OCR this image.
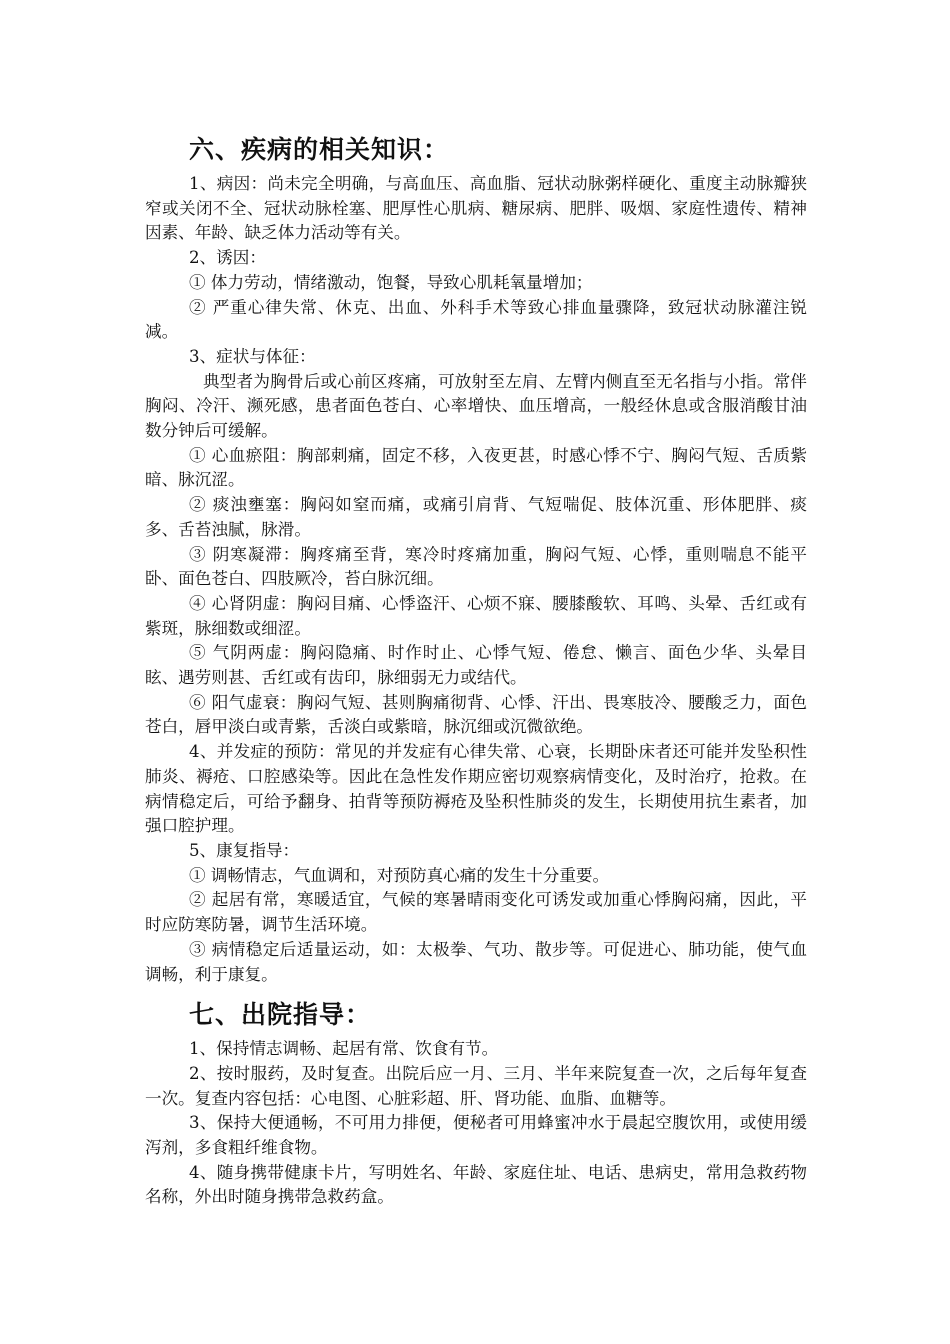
六、疾病的相关知识：

1、病因：尚未完全明确，与高血压、高血脂、冠状动脉粥样硬化、重度主动脉瓣狭窄或关闭不全、冠状动脉栓塞、肥厚性心肌病、糖尿病、肥胖、吸烟、家庭性遗传、精神因素、年龄、缺乏体力活动等有关。

2、诱因：

① 体力劳动，情绪激动，饱餐，导致心肌耗氧量增加；

② 严重心律失常、休克、出血、外科手术等致心排血量骤降，致冠状动脉灌注锐减。

3、症状与体征：

典型者为胸骨后或心前区疼痛，可放射至左肩、左臂内侧直至无名指与小指。常伴胸闷、冷汗、濒死感，患者面色苍白、心率增快、血压增高，一般经休息或含服消酸甘油数分钟后可缓解。

① 心血瘀阻：胸部刺痛，固定不移，入夜更甚，时感心悸不宁、胸闷气短、舌质紫暗、脉沉涩。

② 痰浊壅塞：胸闷如窒而痛，或痛引肩背、气短喘促、肢体沉重、形体肥胖、痰多、舌苔浊腻，脉滑。

③ 阴寒凝滞：胸疼痛至背，寒冷时疼痛加重，胸闷气短、心悸，重则喘息不能平卧、面色苍白、四肢厥冷，苔白脉沉细。

④ 心肾阴虚：胸闷目痛、心悸盗汗、心烦不寐、腰膝酸软、耳鸣、头晕、舌红或有紫斑，脉细数或细涩。

⑤ 气阴两虚：胸闷隐痛、时作时止、心悸气短、倦怠、懒言、面色少华、头晕目眩、遇劳则甚、舌红或有齿印，脉细弱无力或结代。

⑥ 阳气虚衰：胸闷气短、甚则胸痛彻背、心悸、汗出、畏寒肢冷、腰酸乏力，面色苍白，唇甲淡白或青紫，舌淡白或紫暗，脉沉细或沉微欲绝。

4、并发症的预防：常见的并发症有心律失常、心衰，长期卧床者还可能并发坠积性肺炎、褥疮、口腔感染等。因此在急性发作期应密切观察病情变化，及时治疗，抢救。在病情稳定后，可给予翻身、拍背等预防褥疮及坠积性肺炎的发生，长期使用抗生素者，加强口腔护理。

5、康复指导：

① 调畅情志，气血调和，对预防真心痛的发生十分重要。

② 起居有常，寒暖适宜，气候的寒暑晴雨变化可诱发或加重心悸胸闷痛，因此，平时应防寒防暑，调节生活环境。

③ 病情稳定后适量运动，如：太极拳、气功、散步等。可促进心、肺功能，使气血调畅，利于康复。

七、出院指导：

1、保持情志调畅、起居有常、饮食有节。

2、按时服药，及时复查。出院后应一月、三月、半年来院复查一次，之后每年复查一次。复查内容包括：心电图、心脏彩超、肝、肾功能、血脂、血糖等。

3、保持大便通畅，不可用力排便，便秘者可用蜂蜜冲水于晨起空腹饮用，或使用缓泻剂，多食粗纤维食物。

4、随身携带健康卡片，写明姓名、年龄、家庭住址、电话、患病史，常用急救药物名称，外出时随身携带急救药盒。
